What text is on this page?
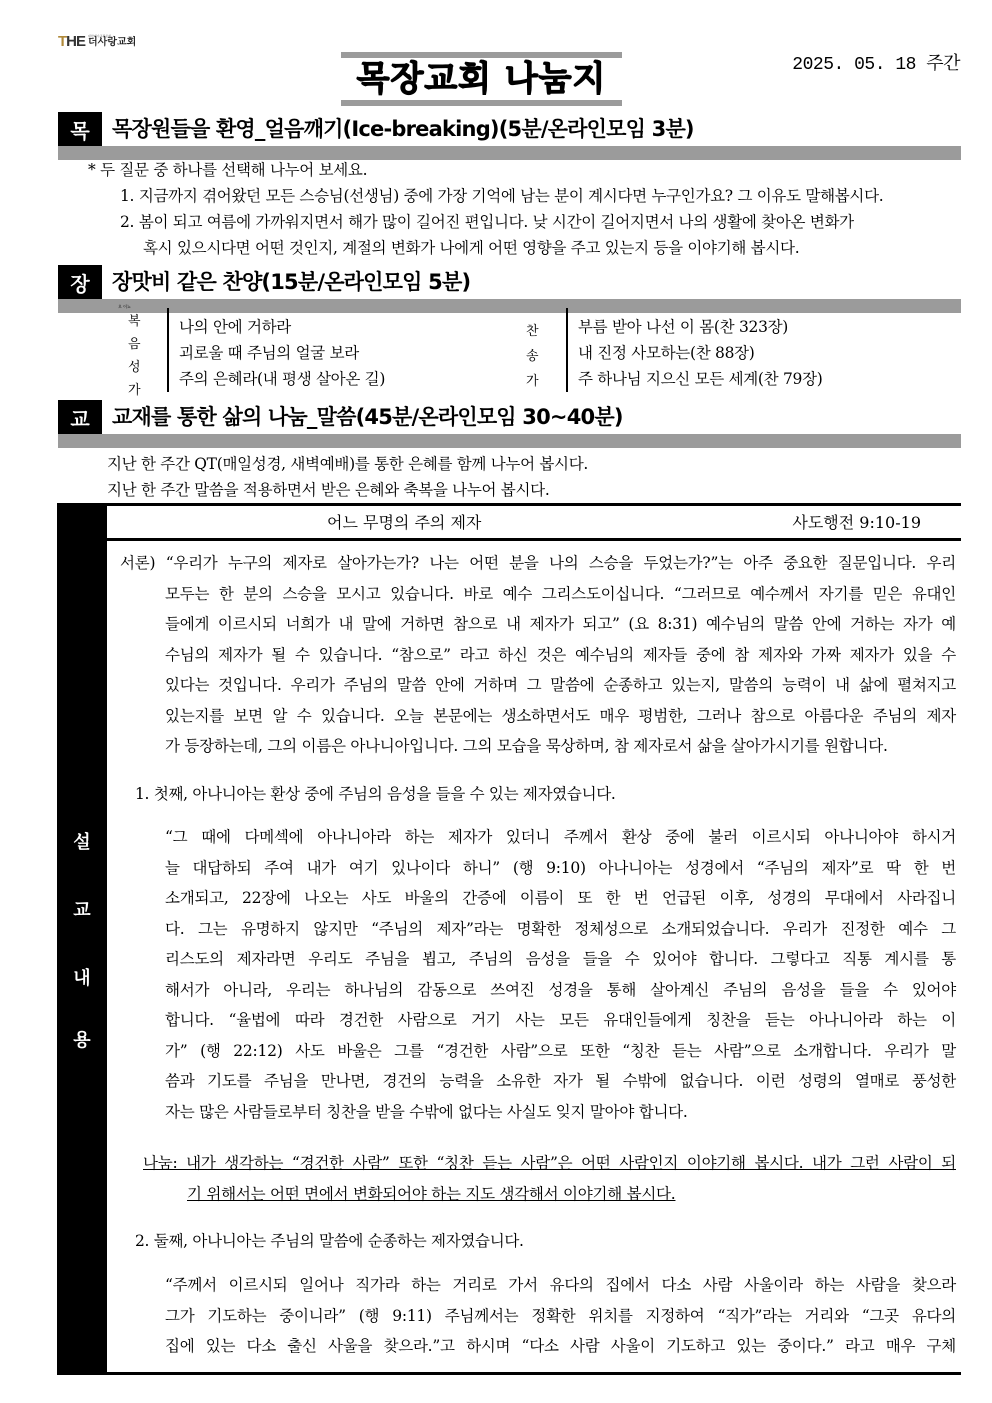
THE 대한예수교장로회
더사랑교회
목장교회 나눔지	2025. 05. 18 주간
목	목장원들을 환영_얼음깨기(Ice-breaking)(5분/온라인모임 3분)
* 두 질문 중 하나를 선택해 나누어 보세요.
1. 지금까지 겪어왔던 모든 스승님(선생님) 중에 가장 기억에 남는 분이 계시다면 누구인가요? 그 이유도 말해봅시다.
2. 봄이 되고 여름에 가까워지면서 해가 많이 길어진 편입니다. 낮 시간이 길어지면서 나의 생활에 찾아온 변화가
혹시 있으시다면 어떤 것인지, 계절의 변화가 나에게 어떤 영향을 주고 있는지 등을 이야기해 봅시다.
장	장맛비 같은 찬양(15분/온라인모임 5분)
오 이뇨
복
음
성
가
나의 안에 거하라
괴로울 때 주님의 얼굴 보라
주의 은혜라(내 평생 살아온 길)
찬
송
가
부름 받아 나선 이 몸(찬 323장)
내 진정 사모하는(찬 88장)
주 하나님 지으신 모든 세계(찬 79장)
교	교재를 통한 삶의 나눔_말씀(45분/온라인모임 30~40분)
지난 한 주간 QT(매일성경, 새벽예배)를 통한 은혜를 함께 나누어 봅시다.
지난 한 주간 말씀을 적용하면서 받은 은혜와 축복을 나누어 봅시다.
설
교
내
용
어느 무명의 주의 제자	사도행전 9:10-19
서론) “우리가 누구의 제자로 살아가는가? 나는 어떤 분을 나의 스승을 두었는가?”는 아주 중요한 질문입니다. 우리
모두는 한 분의 스승을 모시고 있습니다. 바로 예수 그리스도이십니다. “그러므로 예수께서 자기를 믿은 유대인
들에게 이르시되 너희가 내 말에 거하면 참으로 내 제자가 되고” (요 8:31) 예수님의 말씀 안에 거하는 자가 예
수님의 제자가 될 수 있습니다. “참으로” 라고 하신 것은 예수님의 제자들 중에 참 제자와 가짜 제자가 있을 수
있다는 것입니다. 우리가 주님의 말씀 안에 거하며 그 말씀에 순종하고 있는지, 말씀의 능력이 내 삶에 펼쳐지고
있는지를 보면 알 수 있습니다. 오늘 본문에는 생소하면서도 매우 평범한, 그러나 참으로 아름다운 주님의 제자
가 등장하는데, 그의 이름은 아나니아입니다. 그의 모습을 묵상하며, 참 제자로서 삶을 살아가시기를 원합니다.
1. 첫째, 아나니아는 환상 중에 주님의 음성을 들을 수 있는 제자였습니다.
“그 때에 다메섹에 아나니아라 하는 제자가 있더니 주께서 환상 중에 불러 이르시되 아나니아야 하시거
늘 대답하되 주여 내가 여기 있나이다 하니” (행 9:10) 아나니아는 성경에서 “주님의 제자”로 딱 한 번
소개되고, 22장에 나오는 사도 바울의 간증에 이름이 또 한 번 언급된 이후, 성경의 무대에서 사라집니
다. 그는 유명하지 않지만 “주님의 제자”라는 명확한 정체성으로 소개되었습니다. 우리가 진정한 예수 그
리스도의 제자라면 우리도 주님을 뵙고, 주님의 음성을 들을 수 있어야 합니다. 그렇다고 직통 계시를 통
해서가 아니라, 우리는 하나님의 감동으로 쓰여진 성경을 통해 살아계신 주님의 음성을 들을 수 있어야
합니다. “율법에 따라 경건한 사람으로 거기 사는 모든 유대인들에게 칭찬을 듣는 아나니아라 하는 이
가” (행 22:12) 사도 바울은 그를 “경건한 사람”으로 또한 “칭찬 듣는 사람”으로 소개합니다. 우리가 말
씀과 기도를 주님을 만나면, 경건의 능력을 소유한 자가 될 수밖에 없습니다. 이런 성령의 열매로 풍성한
자는 많은 사람들로부터 칭찬을 받을 수밖에 없다는 사실도 잊지 말아야 합니다.
나눔: 내가 생각하는 “경건한 사람” 또한 “칭찬 듣는 사람”은 어떤 사람인지 이야기해 봅시다. 내가 그런 사람이 되
기 위해서는 어떤 면에서 변화되어야 하는 지도 생각해서 이야기해 봅시다.
2. 둘째, 아나니아는 주님의 말씀에 순종하는 제자였습니다.
“주께서 이르시되 일어나 직가라 하는 거리로 가서 유다의 집에서 다소 사람 사울이라 하는 사람을 찾으라
그가 기도하는 중이니라” (행 9:11) 주님께서는 정확한 위치를 지정하여 “직가”라는 거리와 “그곳 유다의
집에 있는 다소 출신 사울을 찾으라.”고 하시며 “다소 사람 사울이 기도하고 있는 중이다.” 라고 매우 구체
